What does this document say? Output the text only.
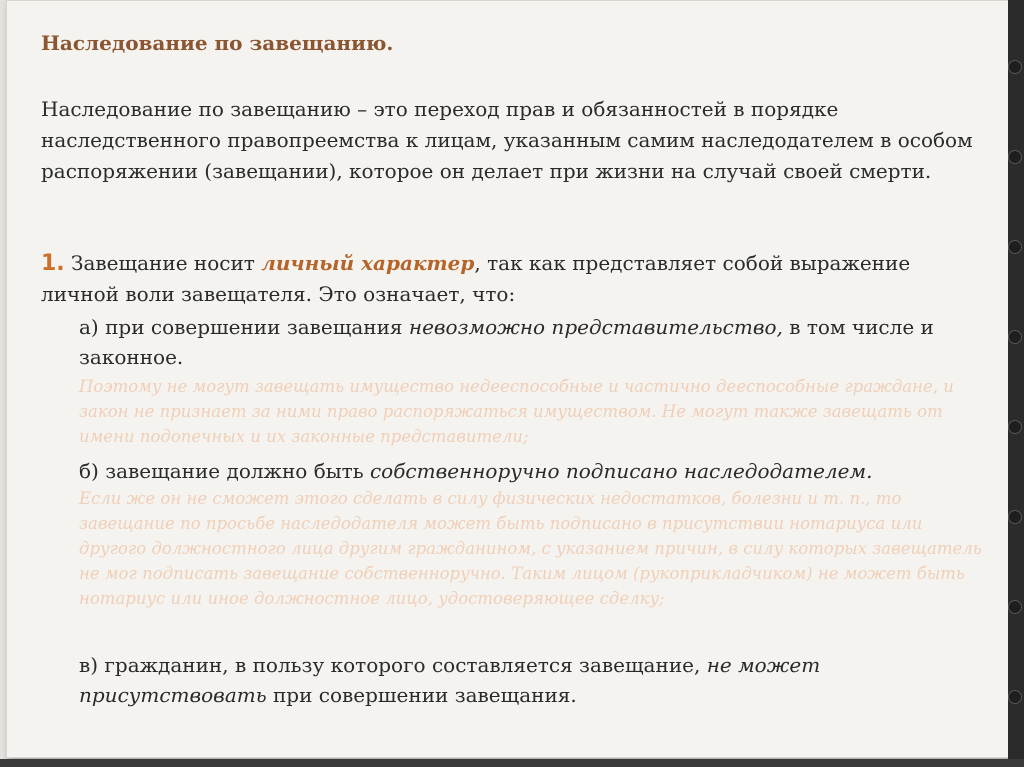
Наследование по завещанию.

Наследование по завещанию – это переход прав и обязанностей в порядке наследственного правопреемства к лицам, указанным самим наследодателем в особом распоряжении (завещании), которое он делает при жизни на случай своей смерти.

1. Завещание носит личный характер, так как представляет собой выражение личной воли завещателя. Это означает, что:

а) при совершении завещания невозможно представительство, в том числе и законное.

Поэтому не могут завещать имущество недееспособные и частично дееспособные граждане, и закон не признает за ними право распоряжаться имуществом. Не могут также завещать от имени подопечных и их законные представители;

б) завещание должно быть собственноручно подписано наследодателем.

Если же он не сможет этого сделать в силу физических недостатков, болезни и т. п., то завещание по просьбе наследодателя может быть подписано в присутствии нотариуса или другого должностного лица другим гражданином, с указанием причин, в силу которых завещатель не мог подписать завещание собственноручно. Таким лицом (рукоприкладчиком) не может быть нотариус или иное должностное лицо, удостоверяющее сделку;

в) гражданин, в пользу которого составляется завещание, не может присутствовать при совершении завещания.
